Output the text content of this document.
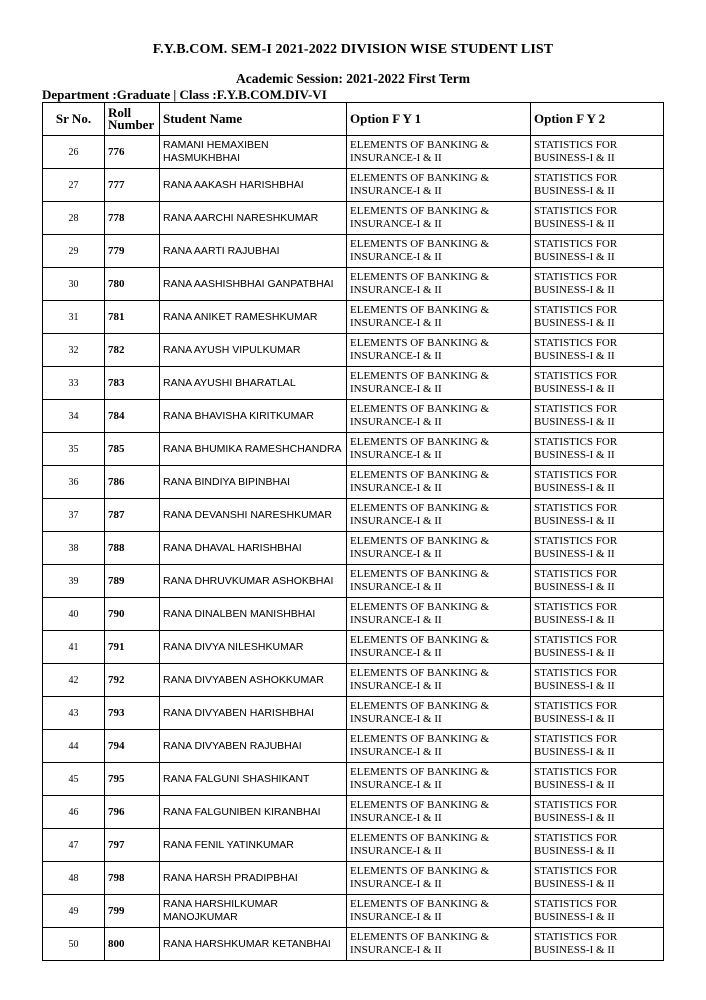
F.Y.B.COM. SEM-I 2021-2022 DIVISION WISE STUDENT LIST
Academic Session: 2021-2022 First Term
Department :Graduate | Class :F.Y.B.COM.DIV-VI
Sr No.	Roll Number	Student Name	Option F Y 1	Option F Y 2
26	776	RAMANI HEMAXIBEN HASMUKHBHAI	ELEMENTS OF BANKING & INSURANCE-I & II	STATISTICS FOR BUSINESS-I & II
27	777	RANA AAKASH HARISHBHAI	ELEMENTS OF BANKING & INSURANCE-I & II	STATISTICS FOR BUSINESS-I & II
28	778	RANA AARCHI NARESHKUMAR	ELEMENTS OF BANKING & INSURANCE-I & II	STATISTICS FOR BUSINESS-I & II
29	779	RANA AARTI RAJUBHAI	ELEMENTS OF BANKING & INSURANCE-I & II	STATISTICS FOR BUSINESS-I & II
30	780	RANA AASHISHBHAI GANPATBHAI	ELEMENTS OF BANKING & INSURANCE-I & II	STATISTICS FOR BUSINESS-I & II
31	781	RANA ANIKET RAMESHKUMAR	ELEMENTS OF BANKING & INSURANCE-I & II	STATISTICS FOR BUSINESS-I & II
32	782	RANA AYUSH VIPULKUMAR	ELEMENTS OF BANKING & INSURANCE-I & II	STATISTICS FOR BUSINESS-I & II
33	783	RANA AYUSHI BHARATLAL	ELEMENTS OF BANKING & INSURANCE-I & II	STATISTICS FOR BUSINESS-I & II
34	784	RANA BHAVISHA KIRITKUMAR	ELEMENTS OF BANKING & INSURANCE-I & II	STATISTICS FOR BUSINESS-I & II
35	785	RANA BHUMIKA RAMESHCHANDRA	ELEMENTS OF BANKING & INSURANCE-I & II	STATISTICS FOR BUSINESS-I & II
36	786	RANA BINDIYA BIPINBHAI	ELEMENTS OF BANKING & INSURANCE-I & II	STATISTICS FOR BUSINESS-I & II
37	787	RANA DEVANSHI NARESHKUMAR	ELEMENTS OF BANKING & INSURANCE-I & II	STATISTICS FOR BUSINESS-I & II
38	788	RANA DHAVAL HARISHBHAI	ELEMENTS OF BANKING & INSURANCE-I & II	STATISTICS FOR BUSINESS-I & II
39	789	RANA DHRUVKUMAR ASHOKBHAI	ELEMENTS OF BANKING & INSURANCE-I & II	STATISTICS FOR BUSINESS-I & II
40	790	RANA DINALBEN MANISHBHAI	ELEMENTS OF BANKING & INSURANCE-I & II	STATISTICS FOR BUSINESS-I & II
41	791	RANA DIVYA NILESHKUMAR	ELEMENTS OF BANKING & INSURANCE-I & II	STATISTICS FOR BUSINESS-I & II
42	792	RANA DIVYABEN ASHOKKUMAR	ELEMENTS OF BANKING & INSURANCE-I & II	STATISTICS FOR BUSINESS-I & II
43	793	RANA DIVYABEN HARISHBHAI	ELEMENTS OF BANKING & INSURANCE-I & II	STATISTICS FOR BUSINESS-I & II
44	794	RANA DIVYABEN RAJUBHAI	ELEMENTS OF BANKING & INSURANCE-I & II	STATISTICS FOR BUSINESS-I & II
45	795	RANA FALGUNI SHASHIKANT	ELEMENTS OF BANKING & INSURANCE-I & II	STATISTICS FOR BUSINESS-I & II
46	796	RANA FALGUNIBEN KIRANBHAI	ELEMENTS OF BANKING & INSURANCE-I & II	STATISTICS FOR BUSINESS-I & II
47	797	RANA FENIL YATINKUMAR	ELEMENTS OF BANKING & INSURANCE-I & II	STATISTICS FOR BUSINESS-I & II
48	798	RANA HARSH PRADIPBHAI	ELEMENTS OF BANKING & INSURANCE-I & II	STATISTICS FOR BUSINESS-I & II
49	799	RANA HARSHILKUMAR MANOJKUMAR	ELEMENTS OF BANKING & INSURANCE-I & II	STATISTICS FOR BUSINESS-I & II
50	800	RANA HARSHKUMAR KETANBHAI	ELEMENTS OF BANKING & INSURANCE-I & II	STATISTICS FOR BUSINESS-I & II
